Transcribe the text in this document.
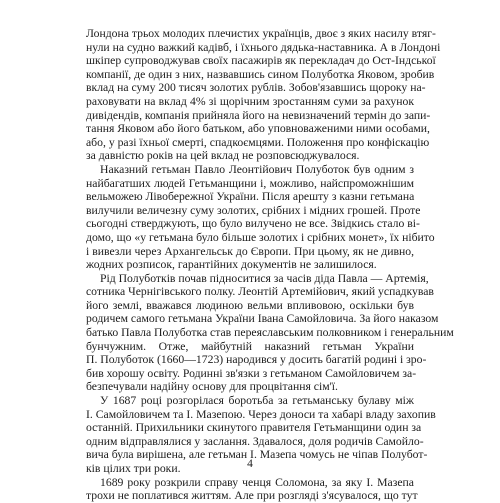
Лондона трьох молодих плечистих українців, двоє з яких насилу втяг-
нули на судно важкий кадівб, і їхнього дядька-наставника. А в Лондоні
шкіпер супроводжував своїх пасажирів як перекладач до Ост-Індської
компанії, де один з них, назвавшись сином Полуботка Яковом, зробив
вклад на суму 200 тисяч золотих рублів. Зобов'язавшись щороку на-
раховувати на вклад 4% зі щорічним зростанням суми за рахунок
дивідендів, компанія прийняла його на невизначений термін до запи-
тання Яковом або його батьком, або уповноваженими ними особами,
або, у разі їхньої смерті, спадкоємцями. Положення про конфіскацію
за давністю років на цей вклад не розповсюджувалося.
Наказний гетьман Павло Леонтійович Полуботок був одним з
найбагатших людей Гетьманщини і, можливо, найспроможнішим
вельможею Лівобережної України. Після арешту з казни гетьмана
вилучили величезну суму золотих, срібних і мідних грошей. Проте
сьогодні стверджують, що було вилучено не все. Звідкись стало ві-
домо, що «у гетьмана було більше золотих і срібних монет», їх нібито
і вивезли через Архангельськ до Європи. При цьому, як не дивно,
жодних розписок, гарантійних документів не залишилося.
Рід Полуботків почав підноситися за часів діда Павла — Артемія,
сотника Чернігівського полку. Леонтій Артемійович, який успадкував
його землі, вважався людиною вельми впливовою, оскільки був
родичем самого гетьмана України Івана Самойловича. За його наказом
батько Павла Полуботка став переяславським полковником і генеральним
бунчужним. Отже, майбутній наказний гетьман України
П. Полуботок (1660—1723) народився у досить багатій родині і зро-
бив хорошу освіту. Родинні зв'язки з гетьманом Самойловичем за-
безпечували надійну основу для процвітання сім'ї.
У 1687 році розгорілася боротьба за гетьманську булаву між
І. Самойловичем та І. Мазепою. Через доноси та хабарі владу захопив
останній. Прихильники скинутого правителя Гетьманщини один за
одним відправлялися у заслання. Здавалося, доля родичів Самойло-
вича була вирішена, але гетьман І. Мазепа чомусь не чіпав Полубот-
ків цілих три роки.
1689 року розкрили справу ченця Соломона, за яку І. Мазепа
трохи не поплатився життям. Але при розгляді з'ясувалося, що тут
4
